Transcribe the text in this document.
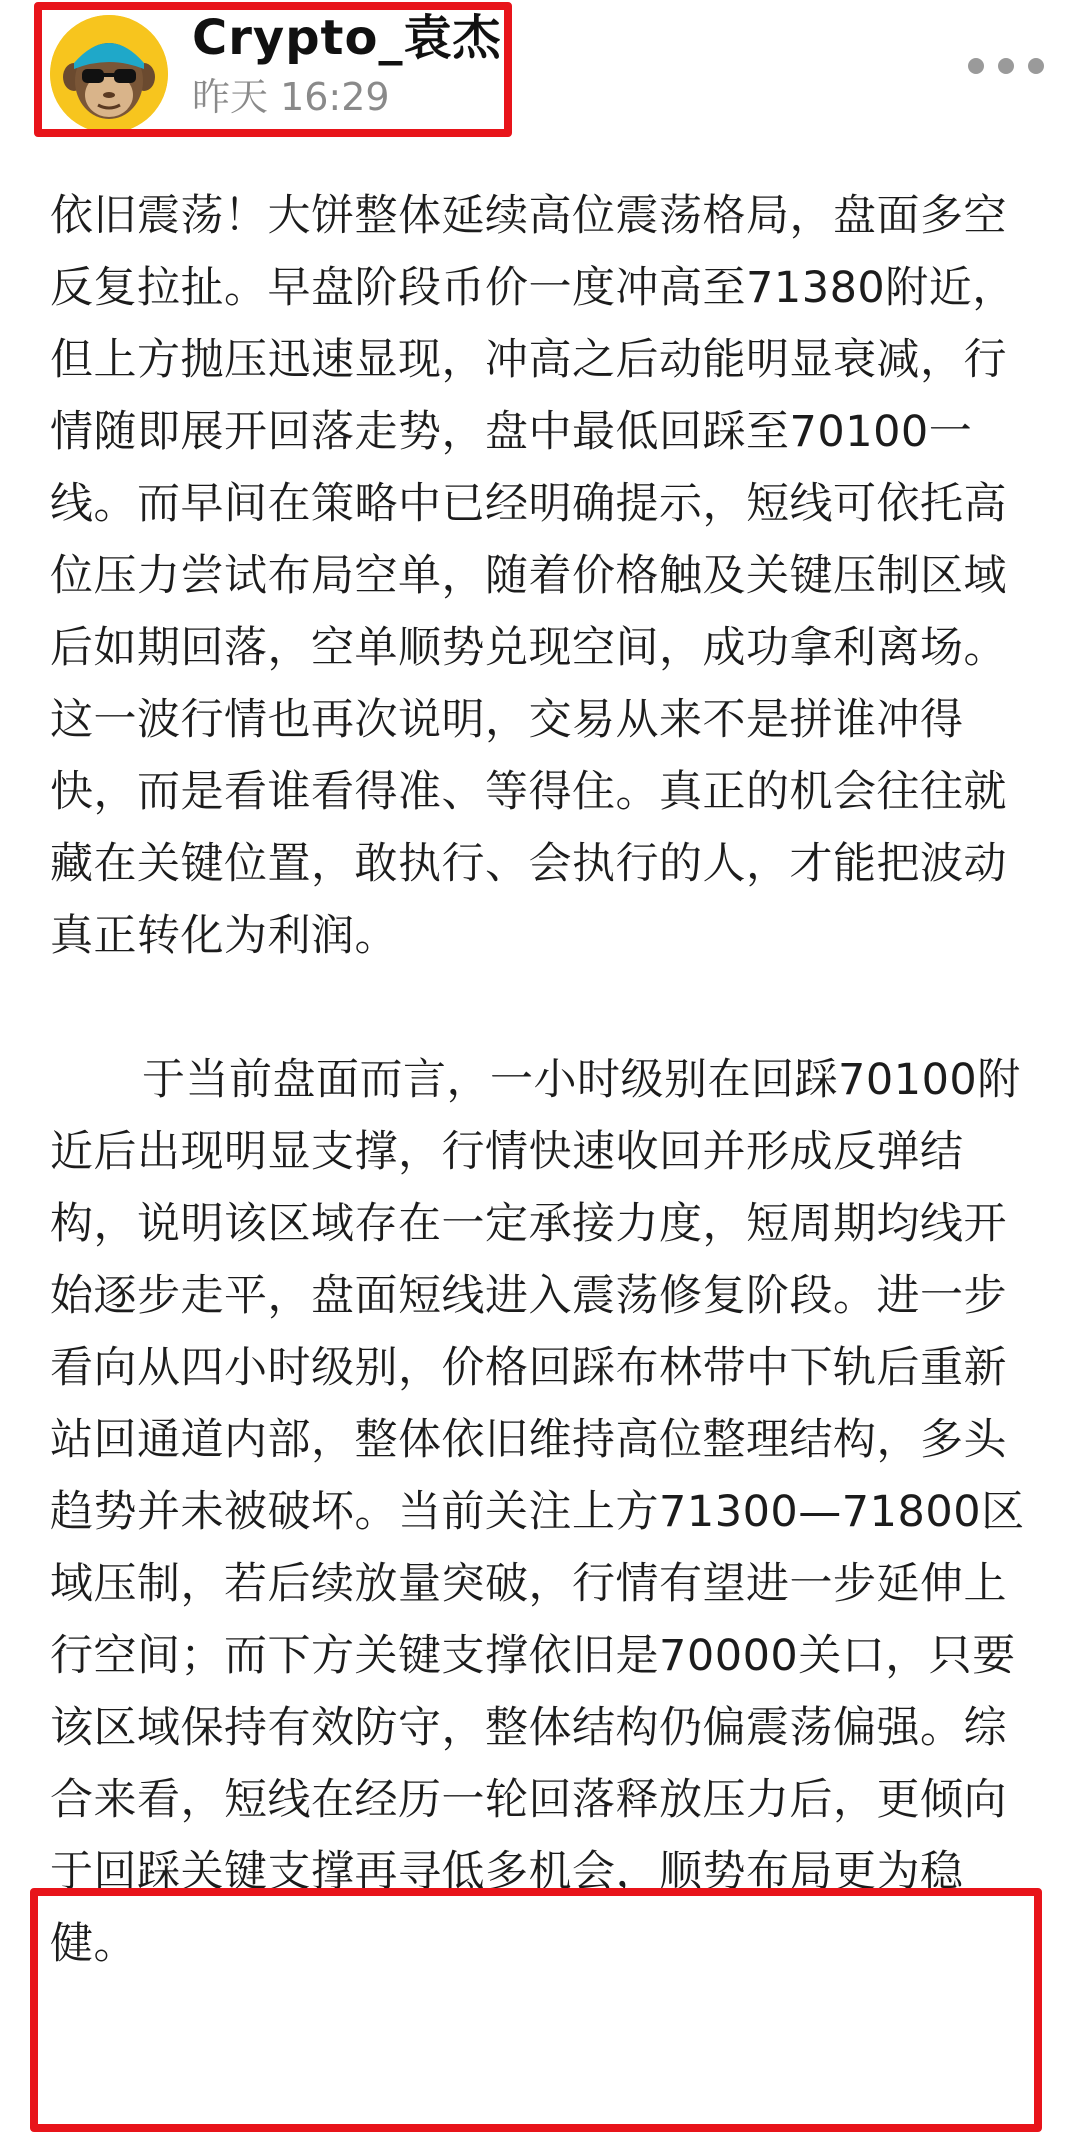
Crypto_袁杰
昨天 16:29

依旧震荡！大饼整体延续高位震荡格局，盘面多空反复拉扯。早盘阶段币价一度冲高至71380附近，但上方抛压迅速显现，冲高之后动能明显衰减，行情随即展开回落走势，盘中最低回踩至70100一线。而早间在策略中已经明确提示，短线可依托高位压力尝试布局空单，随着价格触及关键压制区域后如期回落，空单顺势兑现空间，成功拿利离场。这一波行情也再次说明，交易从来不是拼谁冲得快，而是看谁看得准、等得住。真正的机会往往就藏在关键位置，敢执行、会执行的人，才能把波动真正转化为利润。

于当前盘面而言，一小时级别在回踩70100附近后出现明显支撑，行情快速收回并形成反弹结构，说明该区域存在一定承接力度，短周期均线开始逐步走平，盘面短线进入震荡修复阶段。进一步看向从四小时级别，价格回踩布林带中下轨后重新站回通道内部，整体依旧维持高位整理结构，多头趋势并未被破坏。当前关注上方71300—71800区域压制，若后续放量突破，行情有望进一步延伸上行空间；而下方关键支撑依旧是70000关口，只要该区域保持有效防守，整体结构仍偏震荡偏强。综合来看，短线在经历一轮回落释放压力后，更倾向于回踩关键支撑再寻低多机会，顺势布局更为稳健。
